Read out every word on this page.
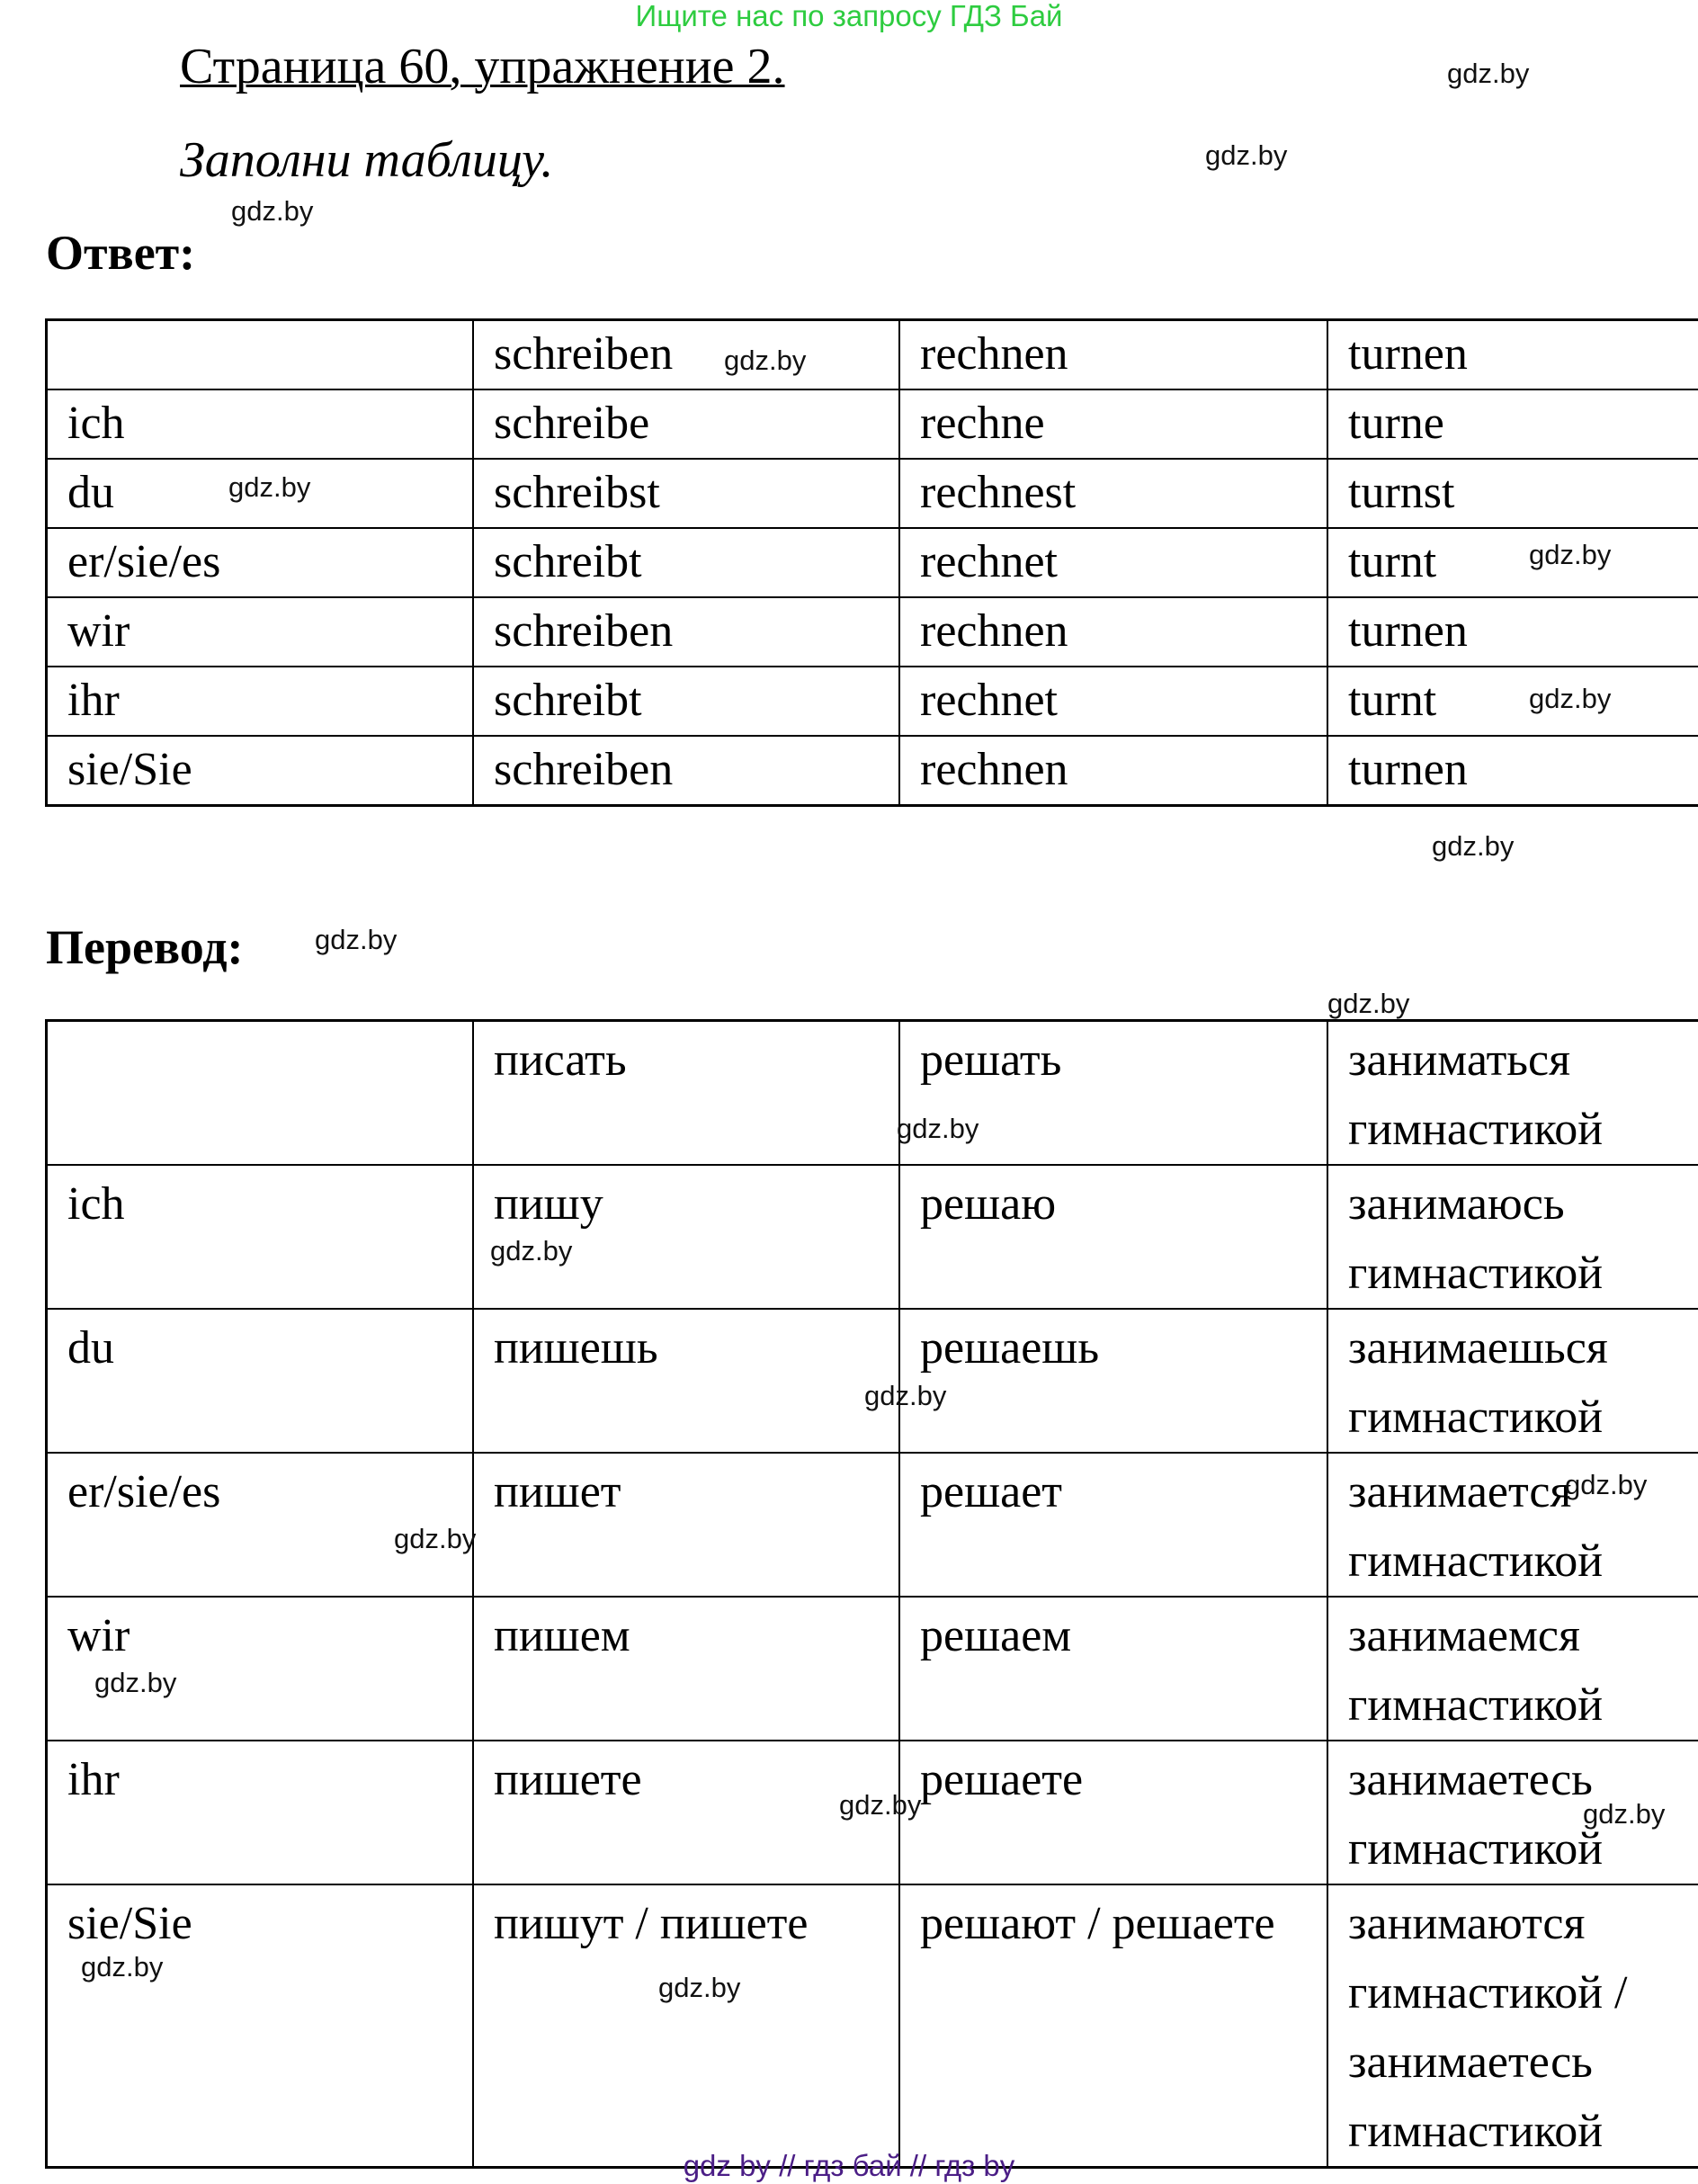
Ищите нас по запросу ГДЗ Бай
Страница 60, упражнение 2.
Заполни таблицу.
Ответ:
Перевод:
	schreiben	rechnen	turnen
ich	schreibe	rechne	turne
du	schreibst	rechnest	turnst
er/sie/es	schreibt	rechnet	turnt
wir	schreiben	rechnen	turnen
ihr	schreibt	rechnet	turnt
sie/Sie	schreiben	rechnen	turnen
	писать	решать	заниматься гимнастикой
ich	пишу	решаю	занимаюсь гимнастикой
du	пишешь	решаешь	занимаешься гимнастикой
er/sie/es	пишет	решает	занимается гимнастикой
wir	пишем	решаем	занимаемся гимнастикой
ihr	пишете	решаете	занимаетесь гимнастикой
sie/Sie	пишут / пишете	решают / решаете	занимаются гимнастикой / занимаетесь гимнастикой
gdz.by
gdz.by
gdz.by
gdz.by
gdz.by
gdz.by
gdz.by
gdz.by
gdz.by
gdz.by
gdz.by
gdz.by
gdz.by
gdz.by
gdz.by
gdz.by
gdz.by	gdz.by
gdz.by
gdz.by
gdz by // гдз бай // гдз by
